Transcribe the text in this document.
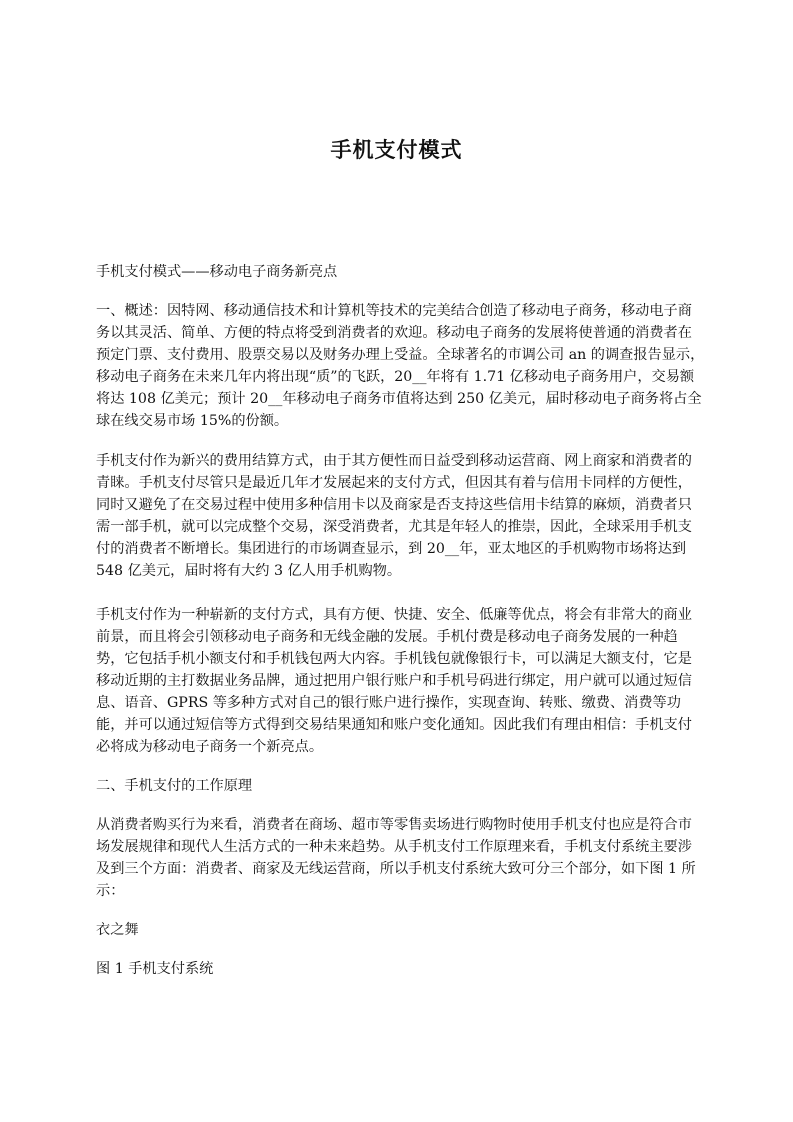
手机支付模式

手机支付模式——移动电子商务新亮点

一、概述：因特网、移动通信技术和计算机等技术的完美结合创造了移动电子商务，移动电子商务以其灵活、简单、方便的特点将受到消费者的欢迎。移动电子商务的发展将使普通的消费者在预定门票、支付费用、股票交易以及财务办理上受益。全球著名的市调公司 an 的调查报告显示，移动电子商务在未来几年内将出现“质”的飞跃，20__年将有 1.71 亿移动电子商务用户，交易额将达 108 亿美元；预计 20__年移动电子商务市值将达到 250 亿美元，届时移动电子商务将占全球在线交易市场 15%的份额。

手机支付作为新兴的费用结算方式，由于其方便性而日益受到移动运营商、网上商家和消费者的青睐。手机支付尽管只是最近几年才发展起来的支付方式，但因其有着与信用卡同样的方便性，同时又避免了在交易过程中使用多种信用卡以及商家是否支持这些信用卡结算的麻烦，消费者只需一部手机，就可以完成整个交易，深受消费者，尤其是年轻人的推崇，因此，全球采用手机支付的消费者不断增长。集团进行的市场调查显示，到 20__年，亚太地区的手机购物市场将达到 548 亿美元，届时将有大约 3 亿人用手机购物。

手机支付作为一种崭新的支付方式，具有方便、快捷、安全、低廉等优点，将会有非常大的商业前景，而且将会引领移动电子商务和无线金融的发展。手机付费是移动电子商务发展的一种趋势，它包括手机小额支付和手机钱包两大内容。手机钱包就像银行卡，可以满足大额支付，它是移动近期的主打数据业务品牌，通过把用户银行账户和手机号码进行绑定，用户就可以通过短信息、语音、GPRS 等多种方式对自己的银行账户进行操作，实现查询、转账、缴费、消费等功能，并可以通过短信等方式得到交易结果通知和账户变化通知。因此我们有理由相信：手机支付必将成为移动电子商务一个新亮点。

二、手机支付的工作原理

从消费者购买行为来看，消费者在商场、超市等零售卖场进行购物时使用手机支付也应是符合市场发展规律和现代人生活方式的一种未来趋势。从手机支付工作原理来看，手机支付系统主要涉及到三个方面：消费者、商家及无线运营商，所以手机支付系统大致可分三个部分，如下图 1 所示：

衣之舞

图 1 手机支付系统
